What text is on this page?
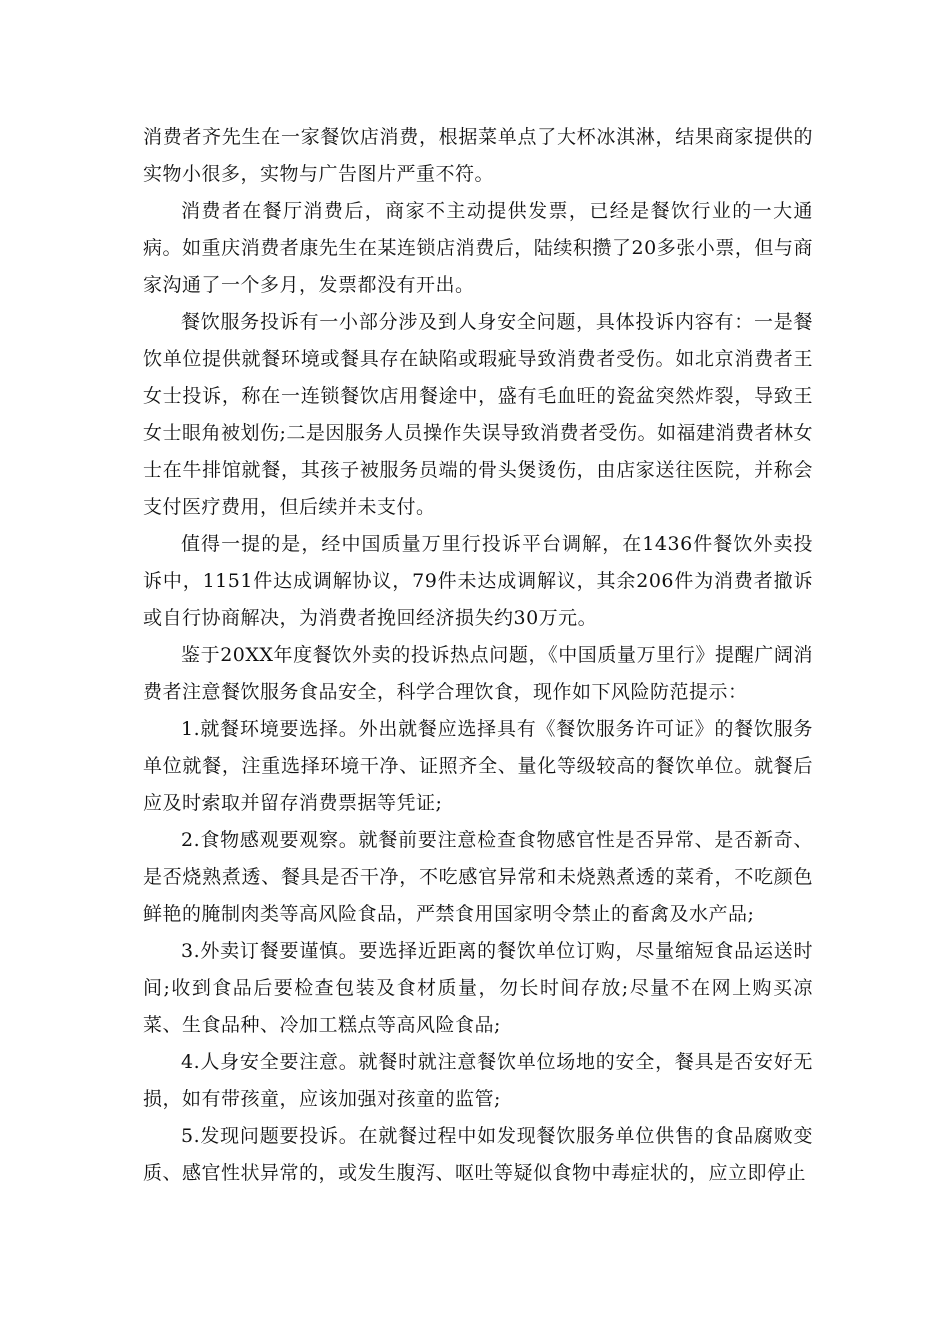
消费者齐先生在一家餐饮店消费，根据菜单点了大杯冰淇淋，结果商家提供的实物小很多，实物与广告图片严重不符。

消费者在餐厅消费后，商家不主动提供发票，已经是餐饮行业的一大通病。如重庆消费者康先生在某连锁店消费后，陆续积攒了20多张小票，但与商家沟通了一个多月，发票都没有开出。

餐饮服务投诉有一小部分涉及到人身安全问题，具体投诉内容有：一是餐饮单位提供就餐环境或餐具存在缺陷或瑕疵导致消费者受伤。如北京消费者王女士投诉，称在一连锁餐饮店用餐途中，盛有毛血旺的瓷盆突然炸裂，导致王女士眼角被划伤;二是因服务人员操作失误导致消费者受伤。如福建消费者林女士在牛排馆就餐，其孩子被服务员端的骨头煲烫伤，由店家送往医院，并称会支付医疗费用，但后续并未支付。

值得一提的是，经中国质量万里行投诉平台调解，在1436件餐饮外卖投诉中，1151件达成调解协议，79件未达成调解议，其余206件为消费者撤诉或自行协商解决，为消费者挽回经济损失约30万元。

鉴于20XX年度餐饮外卖的投诉热点问题，《中国质量万里行》提醒广阔消费者注意餐饮服务食品安全，科学合理饮食，现作如下风险防范提示：

1.就餐环境要选择。外出就餐应选择具有《餐饮服务许可证》的餐饮服务单位就餐，注重选择环境干净、证照齐全、量化等级较高的餐饮单位。就餐后应及时索取并留存消费票据等凭证;

2.食物感观要观察。就餐前要注意检查食物感官性是否异常、是否新奇、是否烧熟煮透、餐具是否干净，不吃感官异常和未烧熟煮透的菜肴，不吃颜色鲜艳的腌制肉类等高风险食品，严禁食用国家明令禁止的畜禽及水产品;

3.外卖订餐要谨慎。要选择近距离的餐饮单位订购，尽量缩短食品运送时间;收到食品后要检查包装及食材质量，勿长时间存放;尽量不在网上购买凉菜、生食品种、冷加工糕点等高风险食品;

4.人身安全要注意。就餐时就注意餐饮单位场地的安全，餐具是否安好无损，如有带孩童，应该加强对孩童的监管;

5.发现问题要投诉。在就餐过程中如发现餐饮服务单位供售的食品腐败变质、感官性状异常的，或发生腹泻、呕吐等疑似食物中毒症状的，应立即停止
